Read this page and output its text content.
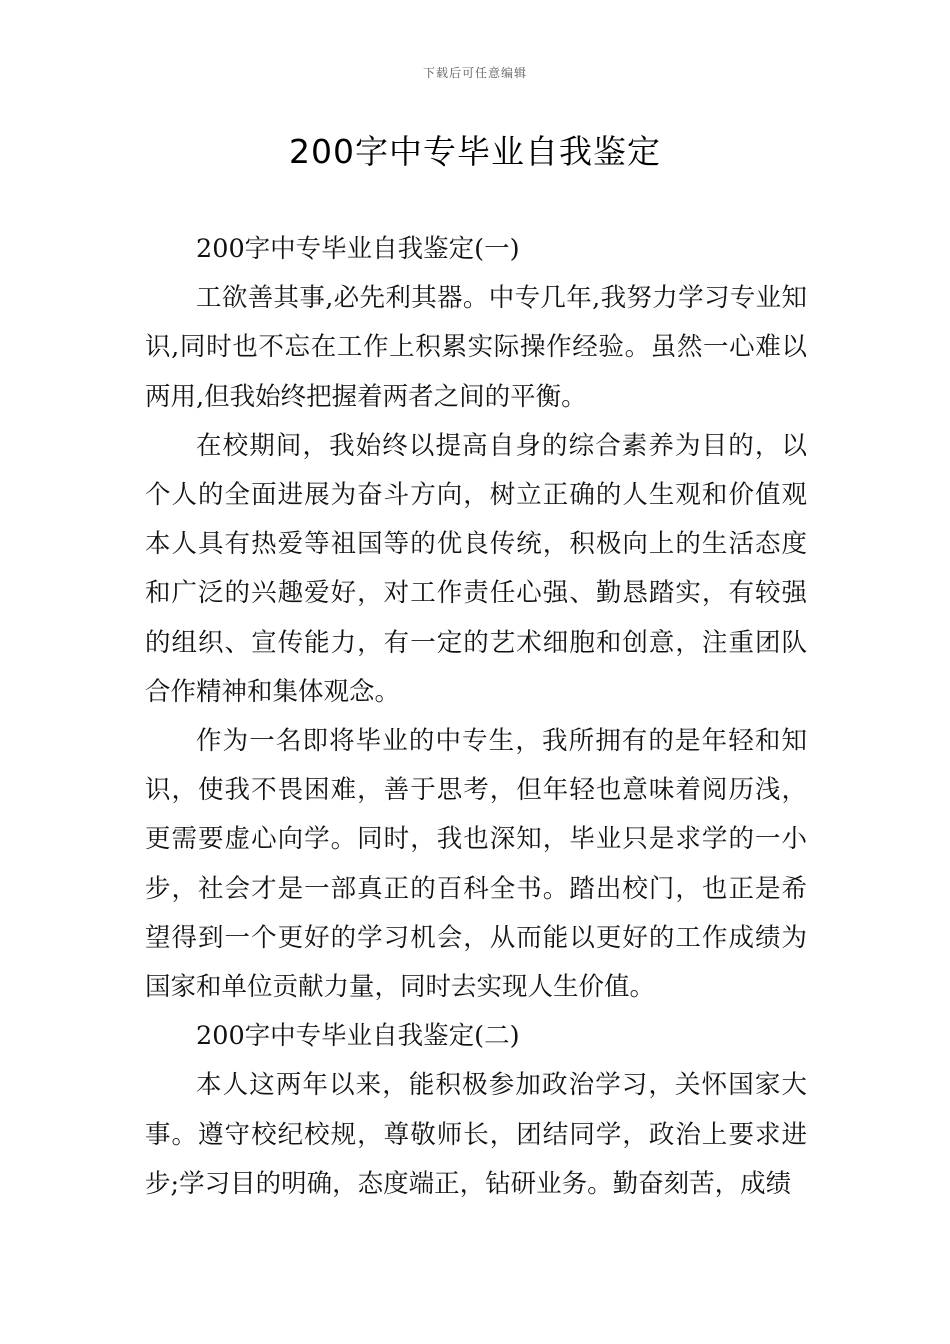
下载后可任意编辑
200字中专毕业自我鉴定

200字中专毕业自我鉴定(一)

工欲善其事,必先利其器。中专几年,我努力学习专业知识,同时也不忘在工作上积累实际操作经验。虽然一心难以两用,但我始终把握着两者之间的平衡。

在校期间，我始终以提高自身的综合素养为目的，以个人的全面进展为奋斗方向，树立正确的人生观和价值观本人具有热爱等祖国等的优良传统，积极向上的生活态度和广泛的兴趣爱好，对工作责任心强、勤恳踏实，有较强的组织、宣传能力，有一定的艺术细胞和创意，注重团队合作精神和集体观念。

作为一名即将毕业的中专生，我所拥有的是年轻和知识，使我不畏困难，善于思考，但年轻也意味着阅历浅，更需要虚心向学。同时，我也深知，毕业只是求学的一小步，社会才是一部真正的百科全书。踏出校门，也正是希望得到一个更好的学习机会，从而能以更好的工作成绩为国家和单位贡献力量，同时去实现人生价值。

200字中专毕业自我鉴定(二)

本人这两年以来，能积极参加政治学习，关怀国家大事。遵守校纪校规，尊敬师长，团结同学，政治上要求进步;学习目的明确，态度端正，钻研业务。勤奋刻苦，成绩
